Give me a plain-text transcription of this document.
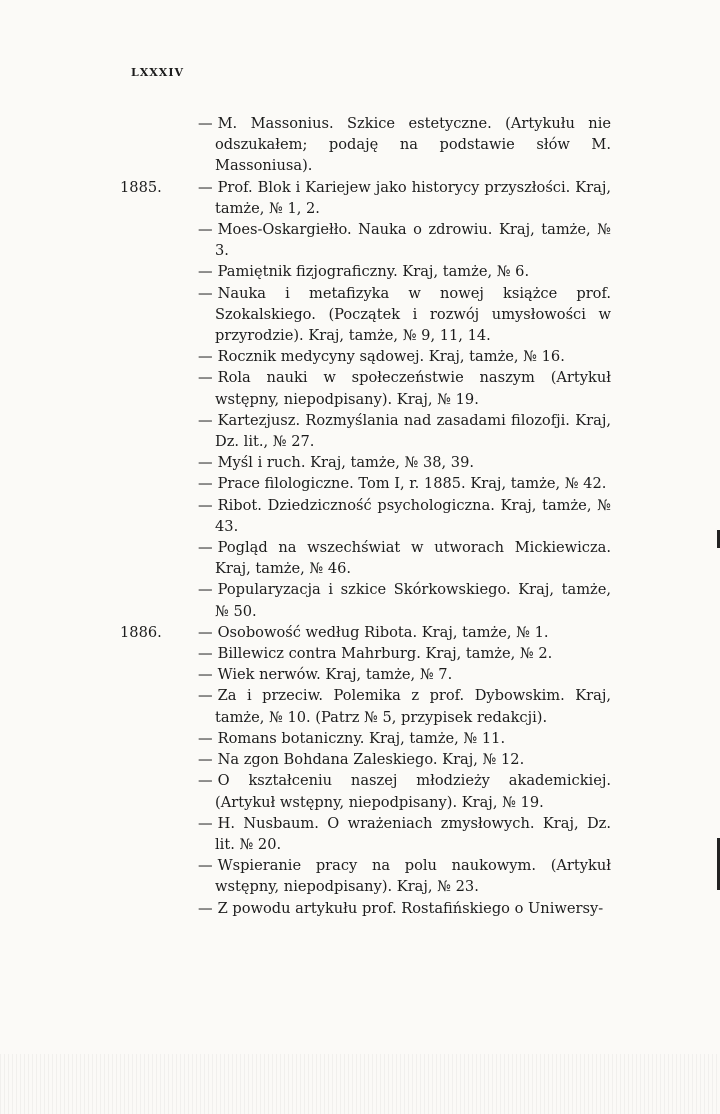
LXXXIV
— M. Massonius. Szkice estetyczne. (Artykułu nie odszukałem; podaję na podstawie słów M. Massoniusa).
1885. — Prof. Blok i Kariejew jako historycy przyszłości. Kraj, tamże, № 1, 2.
— Moes-Oskargiełło. Nauka o zdrowiu. Kraj, tamże, № 3.
— Pamiętnik fizjograficzny. Kraj, tamże, № 6.
— Nauka i metafizyka w nowej książce prof. Szokalskiego. (Początek i rozwój umysłowości w przyrodzie). Kraj, tamże, № 9, 11, 14.
— Rocznik medycyny sądowej. Kraj, tamże, № 16.
— Rola nauki w społeczeństwie naszym (Artykuł wstępny, niepodpisany). Kraj, № 19.
— Kartezjusz. Rozmyślania nad zasadami filozofji. Kraj, Dz. lit., № 27.
— Myśl i ruch. Kraj, tamże, № 38, 39.
— Prace filologiczne. Tom I, r. 1885. Kraj, tamże, № 42.
— Ribot. Dziedziczność psychologiczna. Kraj, tamże, № 43.
— Pogląd na wszechświat w utworach Mickiewicza. Kraj, tamże, № 46.
— Popularyzacja i szkice Skórkowskiego. Kraj, tamże, № 50.
1886. — Osobowość według Ribota. Kraj, tamże, № 1.
— Billewicz contra Mahrburg. Kraj, tamże, № 2.
— Wiek nerwów. Kraj, tamże, № 7.
— Za i przeciw. Polemika z prof. Dybowskim. Kraj, tamże, № 10. (Patrz № 5, przypisek redakcji).
— Romans botaniczny. Kraj, tamże, № 11.
— Na zgon Bohdana Zaleskiego. Kraj, № 12.
— O kształceniu naszej młodzieży akademickiej. (Artykuł wstępny, niepodpisany). Kraj, № 19.
— H. Nusbaum. O wrażeniach zmysłowych. Kraj, Dz. lit. № 20.
— Wspieranie pracy na polu naukowym. (Artykuł wstępny, niepodpisany). Kraj, № 23.
— Z powodu artykułu prof. Rostafińskiego o Uniwersy-
